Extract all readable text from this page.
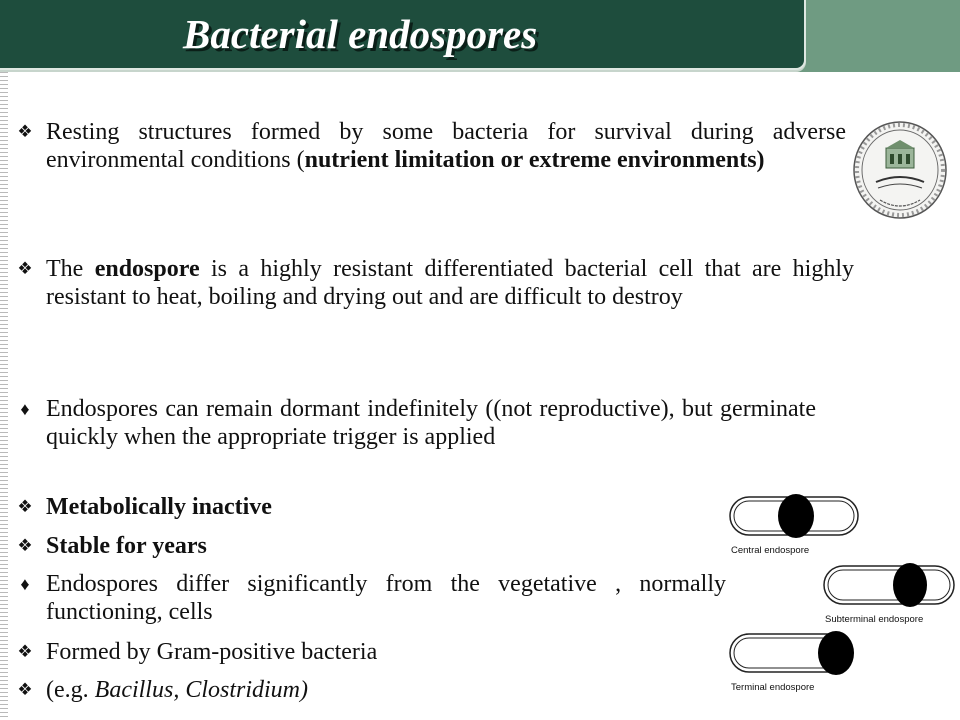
Bacterial endospores
❖ Resting structures formed by some bacteria for survival during adverse environmental conditions (nutrient limitation or extreme environments)
❖ The endospore is a highly resistant differentiated bacterial cell that are highly resistant to heat, boiling and drying out and are difficult to destroy
♦ Endospores can remain dormant indefinitely ((not reproductive), but germinate quickly when the appropriate trigger is applied
❖ Metabolically inactive
❖ Stable for years
♦ Endospores differ significantly from the vegetative , normally functioning, cells
❖ Formed by Gram-positive bacteria
❖ (e.g. Bacillus, Clostridium)
Central endospore
Subterminal endospore
Terminal endospore
